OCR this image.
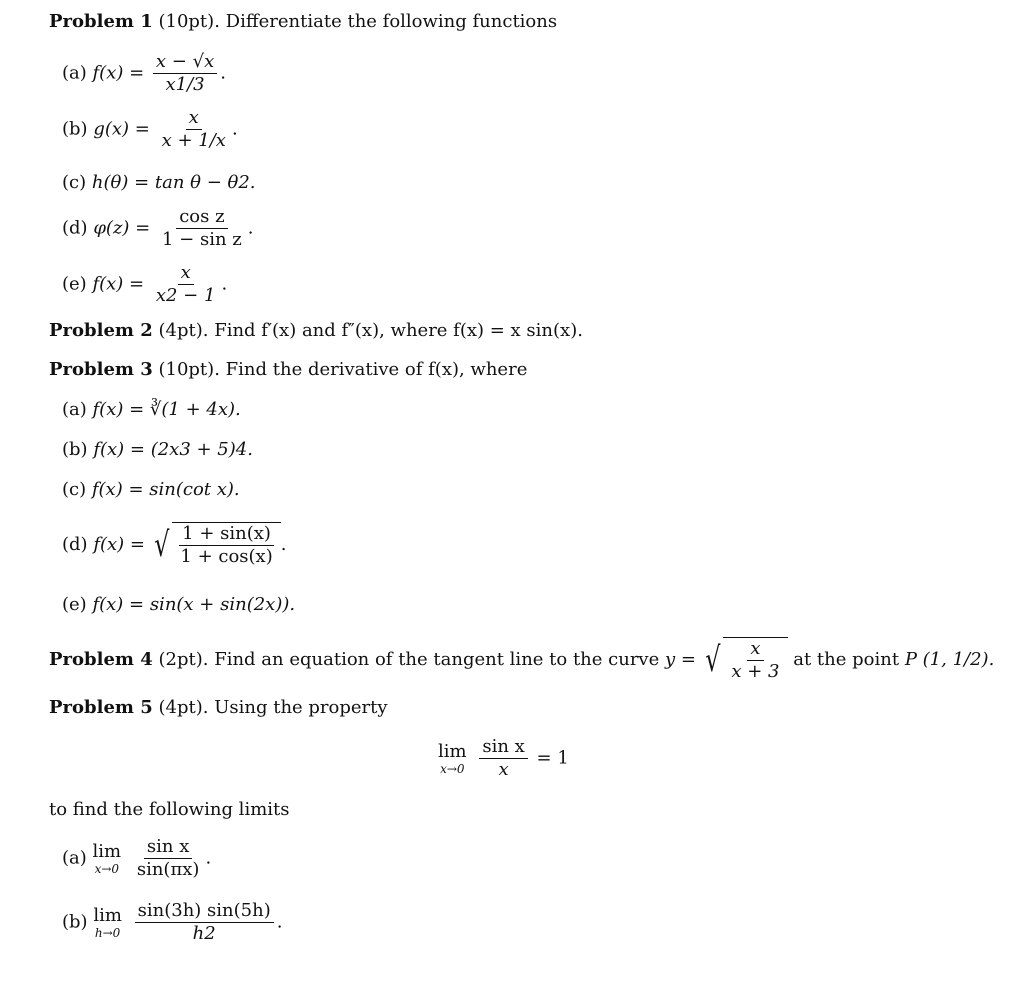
Problem 1 (10pt). Differentiate the following functions
(a) $f(x) = \frac{x - √x}{x1/3}$ .
(b) $g(x) = \frac{x}{x + 1/x}$ .
(c) h(θ) = tan θ − θ2.
(d) $\varphi(z) = \frac{\text{cos z}}{\text{1 − sin z}}$ .
(e) $f(x) = \frac{x}{x2 - 1}$ .
Problem 2 (4pt). Find f′(x) and f″(x), where f(x) = x sin(x).
Problem 3 (10pt). Find the derivative of f(x), where
(a) f(x) = ∛(1 + 4x).
(b) f(x) = (2x3 + 5)4.
(c) f(x) = sin(cot x).
(d) f(x) = √ $\frac{1 + \sin(x)}{1 + \cos(x)}$ .
(e) f(x) = sin(x + sin(2x)).
Problem 4 (2pt). Find an equation of the tangent line to the curve y = √ $\frac{x}{x + 3}$ at the point P (1, 1/2).
Problem 5 (4pt). Using the property
lim
x→0
$\frac{\text{sin x}}{x} = 1$
to find the following limits
(a) lim
x→0
$\frac{\text{sin x}}{\sin(\pi x)}$ .
(b) lim
h→0
$\frac{\sin(3h) \sin(5h)}{h2}$ .
